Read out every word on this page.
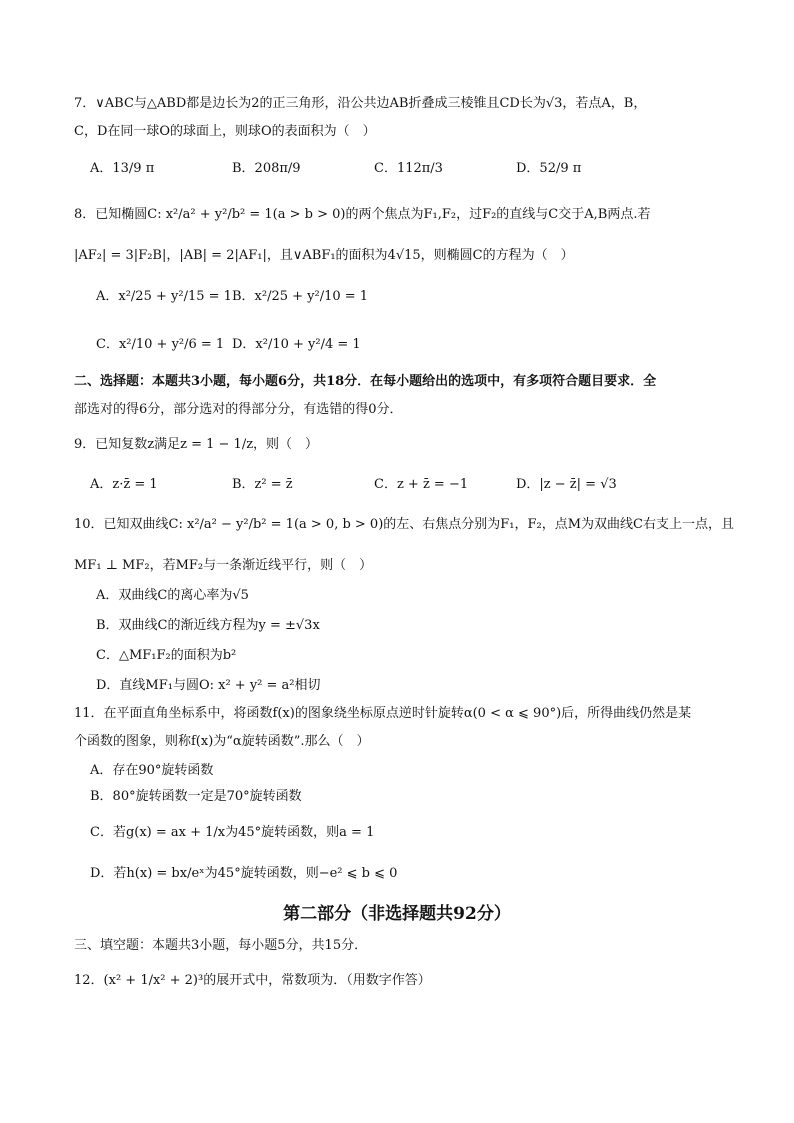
7．∨ABC与△ABD都是边长为2的正三角形，沿公共边AB折叠成三棱锥且CD长为√3，若点A，B，
C，D在同一球O的球面上，则球O的表面积为（　）
A．13/9 π	B．208π/9	C．112π/3	D．52/9 π
8．已知椭圆C: x²/a² + y²/b² = 1(a > b > 0)的两个焦点为F₁,F₂，过F₂的直线与C交于A,B两点.若
|AF₂| = 3|F₂B|，|AB| = 2|AF₁|，且∨ABF₁的面积为4√15，则椭圆C的方程为（　）
A．x²/25 + y²/15 = 1 B．x²/25 + y²/10 = 1
C．x²/10 + y²/6 = 1 D．x²/10 + y²/4 = 1
二、选择题：本题共3小题，每小题6分，共18分．在每小题给出的选项中，有多项符合题目要求．全
部选对的得6分，部分选对的得部分分，有选错的得0分．
9．已知复数z满足z = 1 − 1/z，则（　）
A．z·z̄ = 1	B．z² = z̄	C．z + z̄ = −1	D．|z − z̄| = √3
10．已知双曲线C: x²/a² − y²/b² = 1(a > 0, b > 0)的左、右焦点分别为F₁，F₂，点M为双曲线C右支上一点，且
MF₁ ⊥ MF₂，若MF₂与一条渐近线平行，则（　）
A．双曲线C的离心率为√5
B．双曲线C的渐近线方程为y = ±√3x
C．△MF₁F₂的面积为b²
D．直线MF₁与圆O: x² + y² = a²相切
11．在平面直角坐标系中，将函数f(x)的图象绕坐标原点逆时针旋转α(0 < α ⩽ 90°)后，所得曲线仍然是某
个函数的图象，则称f(x)为“α旋转函数”.那么（　）
A．存在90°旋转函数
B．80°旋转函数一定是70°旋转函数
C．若g(x) = ax + 1/x为45°旋转函数，则a = 1
D．若h(x) = bx/eˣ为45°旋转函数，则−e² ⩽ b ⩽ 0
第二部分（非选择题共92分）
三、填空题：本题共3小题，每小题5分，共15分．
12．(x² + 1/x² + 2)³的展开式中，常数项为．（用数字作答）
